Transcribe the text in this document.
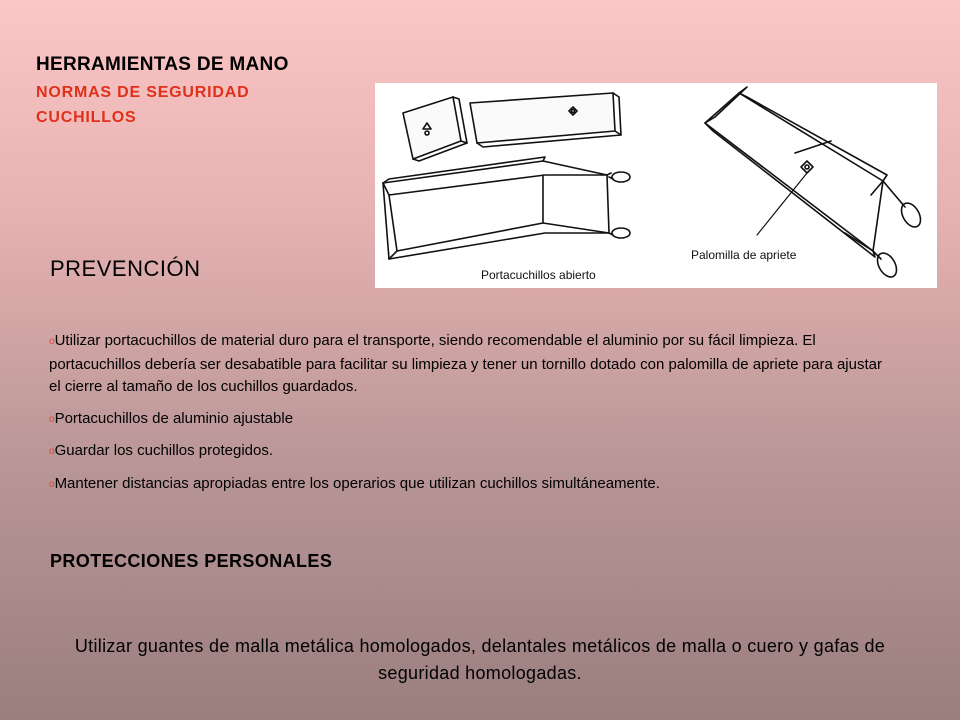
HERRAMIENTAS DE MANO
NORMAS DE SEGURIDAD
CUCHILLOS
Portacuchillos abierto
Palomilla de apriete
PREVENCIÓN
oUtilizar portacuchillos de material duro para el transporte, siendo recomendable el aluminio por su fácil limpieza. El portacuchillos debería ser desabatible para facilitar su limpieza y tener un tornillo dotado con palomilla de apriete para ajustar el cierre al tamaño de los cuchillos guardados.
oPortacuchillos de aluminio ajustable
oGuardar los cuchillos protegidos.
oMantener distancias apropiadas entre los operarios que utilizan cuchillos simultáneamente.
PROTECCIONES PERSONALES

Utilizar guantes de malla metálica homologados, delantales metálicos de malla o cuero y gafas de seguridad homologadas.
